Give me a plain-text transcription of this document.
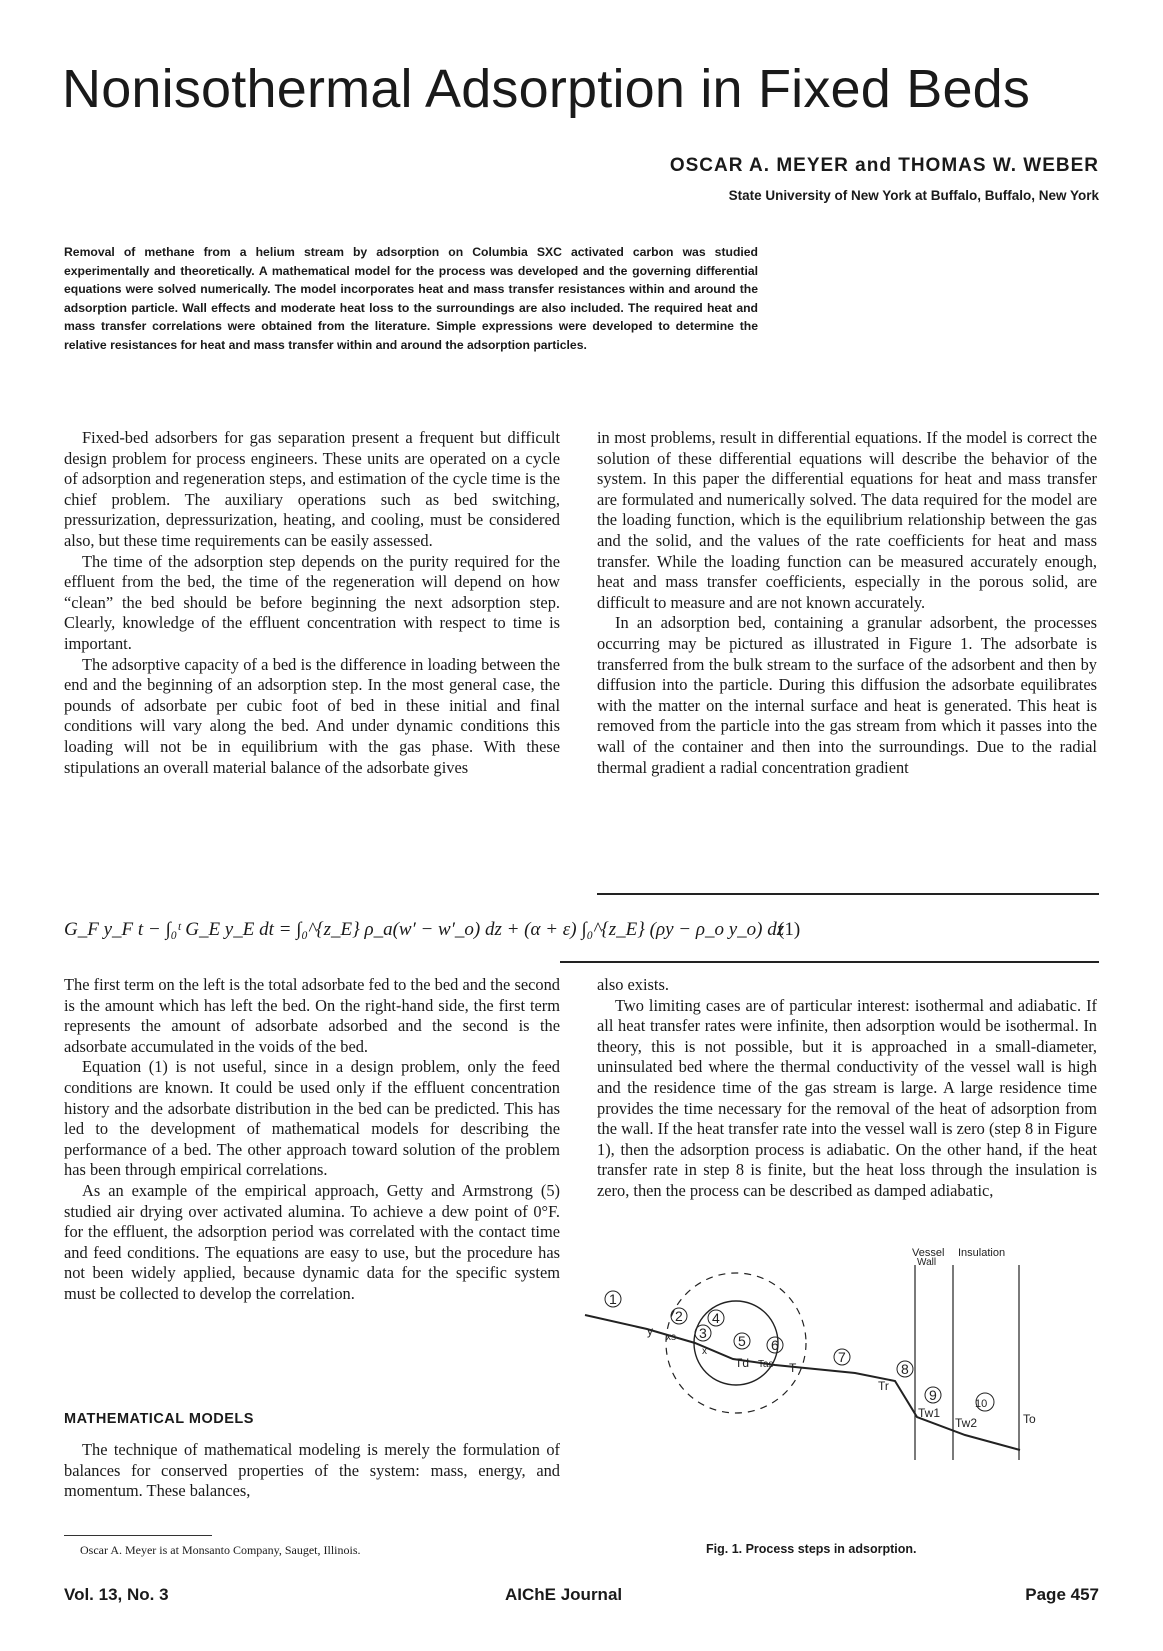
Nonisothermal Adsorption in Fixed Beds
OSCAR A. MEYER and THOMAS W. WEBER
State University of New York at Buffalo, Buffalo, New York

Removal of methane from a helium stream by adsorption on Columbia SXC activated carbon was studied experimentally and theoretically. A mathematical model for the process was developed and the governing differential equations were solved numerically. The model incorporates heat and mass transfer resistances within and around the adsorption particle. Wall effects and moderate heat loss to the surroundings are also included. The required heat and mass transfer correlations were obtained from the literature. Simple expressions were developed to determine the relative resistances for heat and mass transfer within and around the adsorption particles.

Fixed-bed adsorbers for gas separation present a frequent but difficult design problem for process engineers. These units are operated on a cycle of adsorption and regeneration steps, and estimation of the cycle time is the chief problem. The auxiliary operations such as bed switching, pressurization, depressurization, heating, and cooling, must be considered also, but these time requirements can be easily assessed.

The time of the adsorption step depends on the purity required for the effluent from the bed, the time of the regeneration will depend on how “clean” the bed should be before beginning the next adsorption step. Clearly, knowledge of the effluent concentration with respect to time is important.

The adsorptive capacity of a bed is the difference in loading between the end and the beginning of an adsorption step. In the most general case, the pounds of adsorbate per cubic foot of bed in these initial and final conditions will vary along the bed. And under dynamic conditions this loading will not be in equilibrium with the gas phase. With these stipulations an overall material balance of the adsorbate gives

in most problems, result in differential equations. If the model is correct the solution of these differential equations will describe the behavior of the system. In this paper the differential equations for heat and mass transfer are formulated and numerically solved. The data required for the model are the loading function, which is the equilibrium relationship between the gas and the solid, and the values of the rate coefficients for heat and mass transfer. While the loading function can be measured accurately enough, heat and mass transfer coefficients, especially in the porous solid, are difficult to measure and are not known accurately.

In an adsorption bed, containing a granular adsorbent, the processes occurring may be pictured as illustrated in Figure 1. The adsorbate is transferred from the bulk stream to the surface of the adsorbent and then by diffusion into the particle. During this diffusion the adsorbate equilibrates with the matter on the internal surface and heat is generated. This heat is removed from the particle into the gas stream from which it passes into the wall of the container and then into the surroundings. Due to the radial thermal gradient a radial concentration gradient

G_F y_F t − ∫₀ᵗ G_E y_E dt = ∫₀^{z_E} ρ_a(w′ − w′_o) dz + (α + ε) ∫₀^{z_E} (ρy − ρ_o y_o) dz
(1)

The first term on the left is the total adsorbate fed to the bed and the second is the amount which has left the bed. On the right-hand side, the first term represents the amount of adsorbate adsorbed and the second is the adsorbate accumulated in the voids of the bed.

Equation (1) is not useful, since in a design problem, only the feed conditions are known. It could be used only if the effluent concentration history and the adsorbate distribution in the bed can be predicted. This has led to the development of mathematical models for describing the performance of a bed. The other approach toward solution of the problem has been through empirical correlations.

As an example of the empirical approach, Getty and Armstrong (5) studied air drying over activated alumina. To achieve a dew point of 0°F. for the effluent, the adsorption period was correlated with the contact time and feed conditions. The equations are easy to use, but the procedure has not been widely applied, because dynamic data for the specific system must be collected to develop the correlation.

also exists.

Two limiting cases are of particular interest: isothermal and adiabatic. If all heat transfer rates were infinite, then adsorption would be isothermal. In theory, this is not possible, but it is approached in a small-diameter, uninsulated bed where the thermal conductivity of the vessel wall is high and the residence time of the gas stream is large. A large residence time provides the time necessary for the removal of the heat of adsorption from the wall. If the heat transfer rate into the vessel wall is zero (step 8 in Figure 1), then the adsorption process is adiabatic. On the other hand, if the heat transfer rate in step 8 is finite, but the heat loss through the insulation is zero, then the process can be described as damped adiabatic,

MATHEMATICAL MODELS

The technique of mathematical modeling is merely the formulation of balances for conserved properties of the system: mass, energy, and momentum. These balances,

1
2
3
4
5 6
7
8
9
10
y xs
x
Td Tas T
Tr
Tw1
Tw2	To
Vessel
Wall
Insulation
Oscar A. Meyer is at Monsanto Company, Sauget, Illinois.	Fig. 1. Process steps in adsorption.
Vol. 13, No. 3	AIChE Journal	Page 457
